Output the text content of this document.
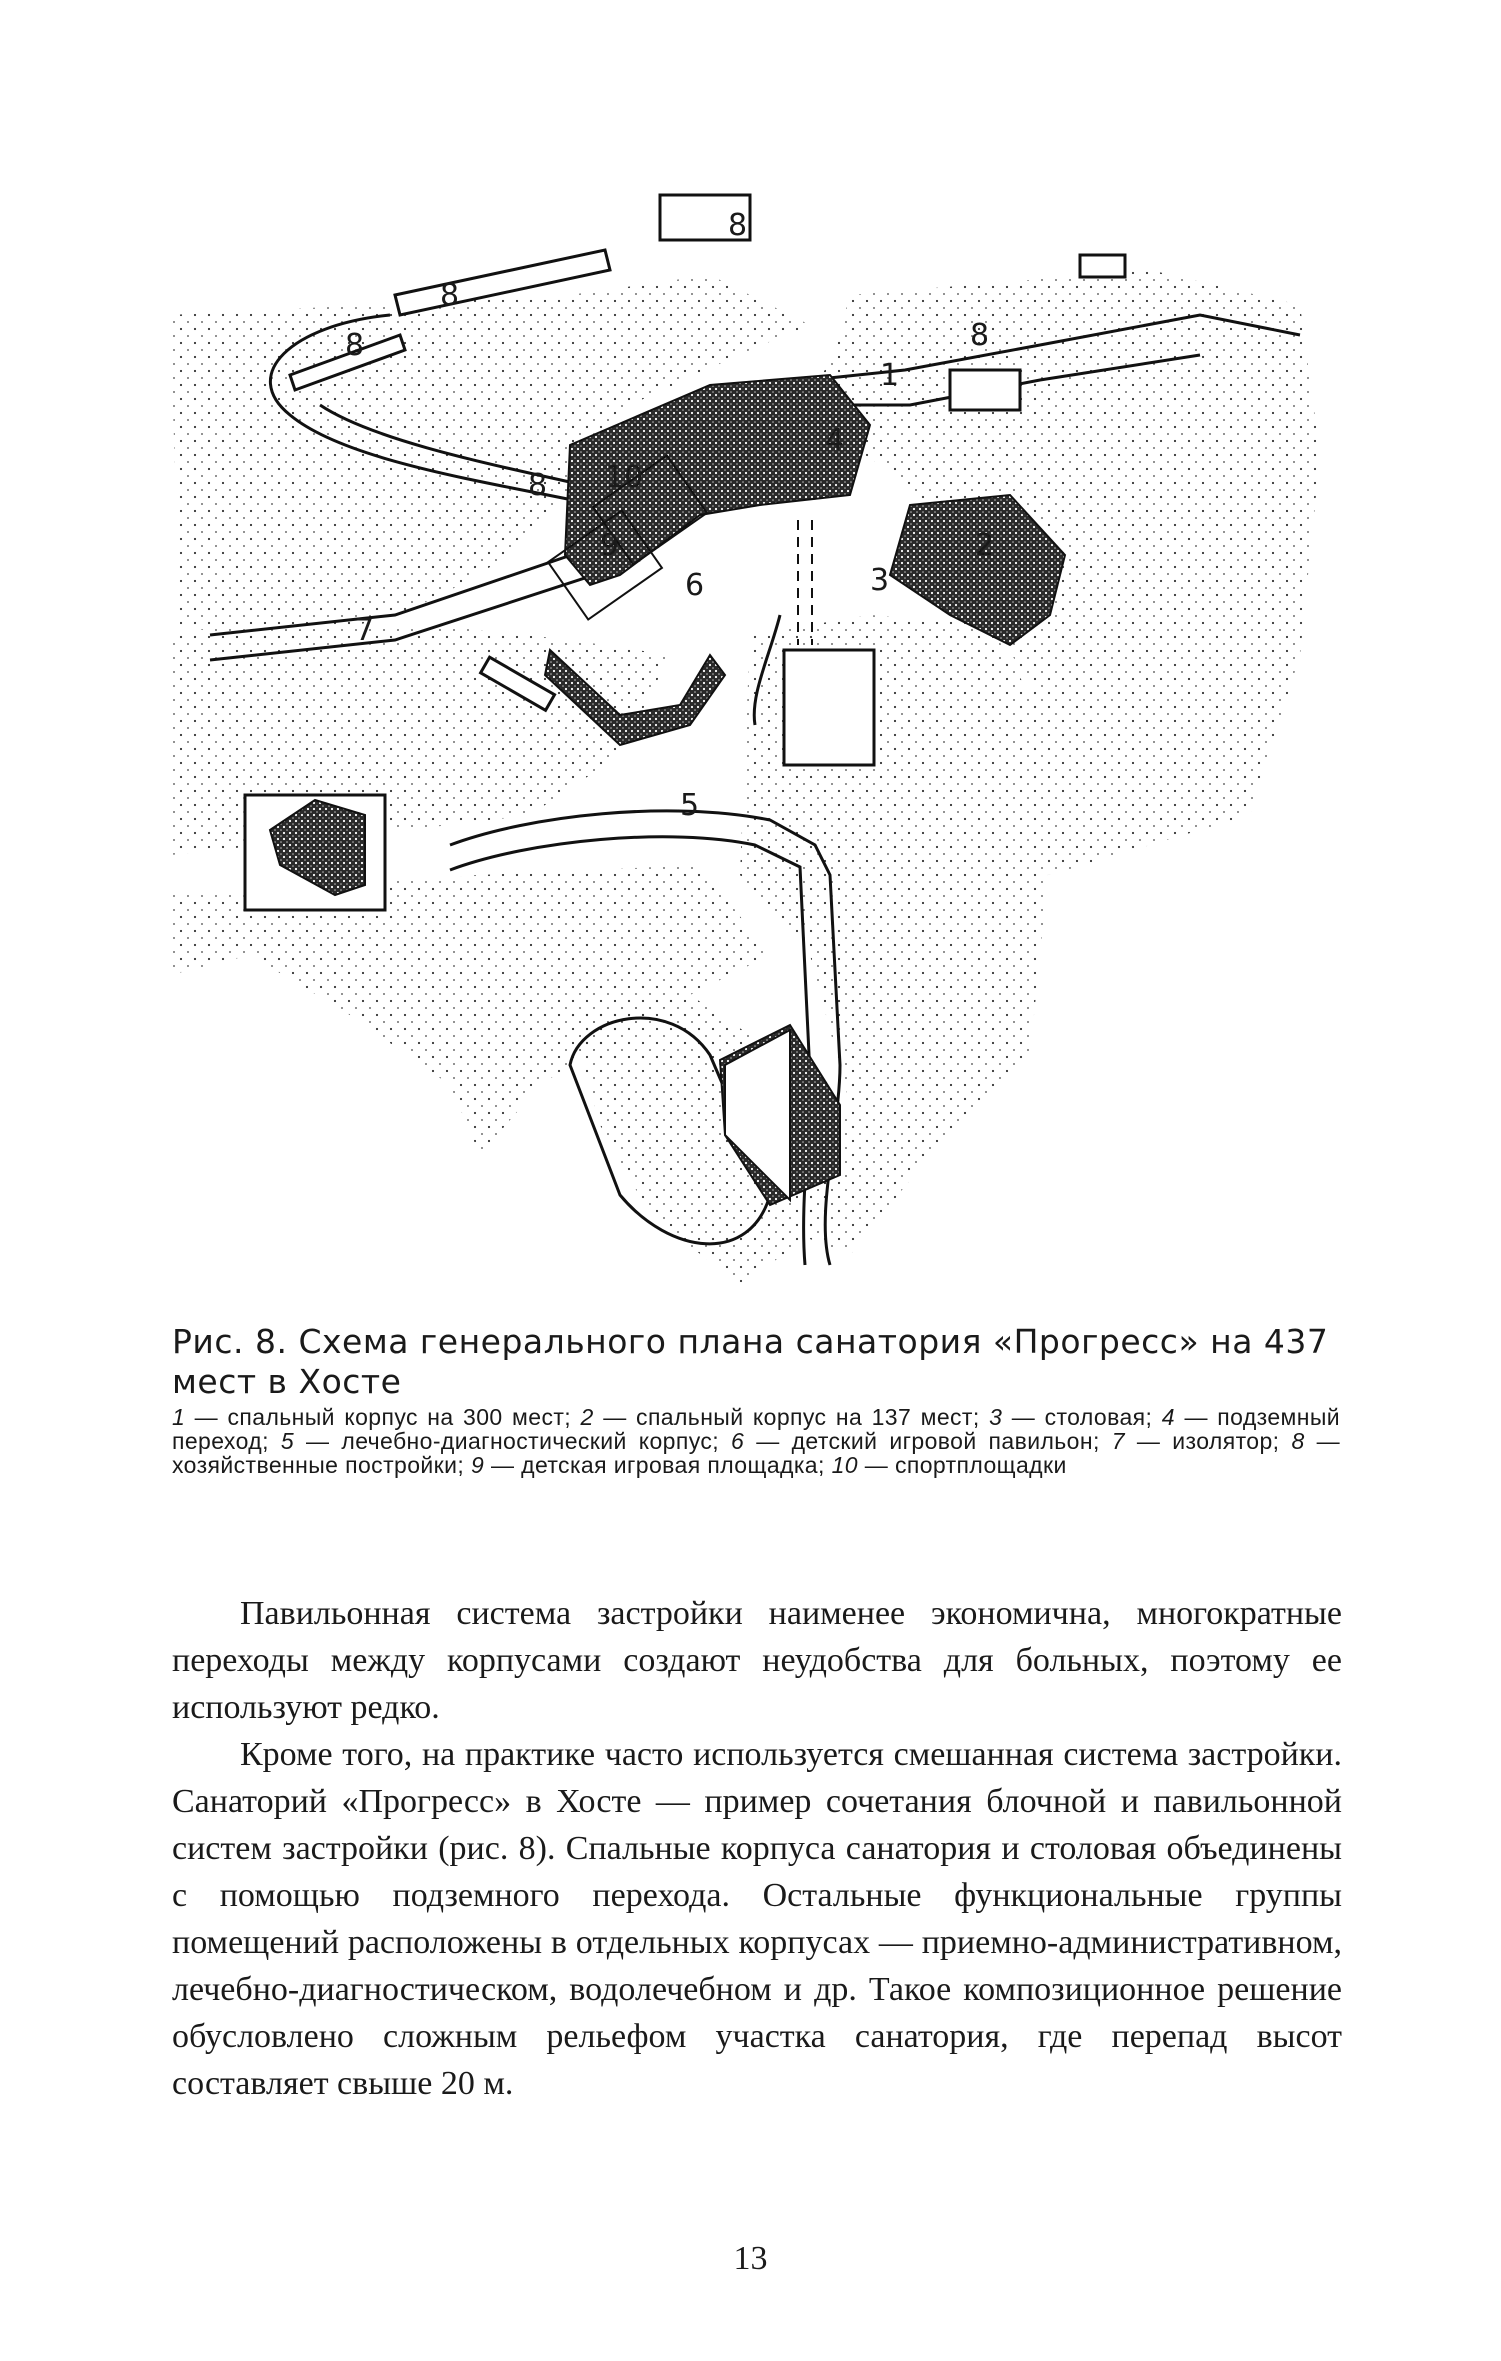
8
8
8	8
8
1
4
2
3
10
9
6
7
5
Рис. 8. Схема генерального плана санатория «Прогресс» на 437 мест в Хосте
1 — спальный корпус на 300 мест; 2 — спальный корпус на 137 мест; 3 — столовая; 4 — подземный переход; 5 — лечебно-диагностический корпус; 6 — детский игровой павильон; 7 — изолятор; 8 — хозяйственные постройки; 9 — детская игровая площадка; 10 — спортплощадки

Павильонная система застройки наименее экономична, многократные переходы между корпусами создают неудобства для больных, поэтому ее используют редко.

Кроме того, на практике часто используется смешанная система застройки. Санаторий «Прогресс» в Хосте — пример сочетания блочной и павильонной систем застройки (рис. 8). Спальные корпуса санатория и столовая объединены с помощью подземного перехода. Остальные функциональные группы помещений расположены в отдельных корпусах — приемно-административном, лечебно-диагностическом, водолечебном и др. Такое композиционное решение обусловлено сложным рельефом участка санатория, где перепад высот составляет свыше 20 м.

13
